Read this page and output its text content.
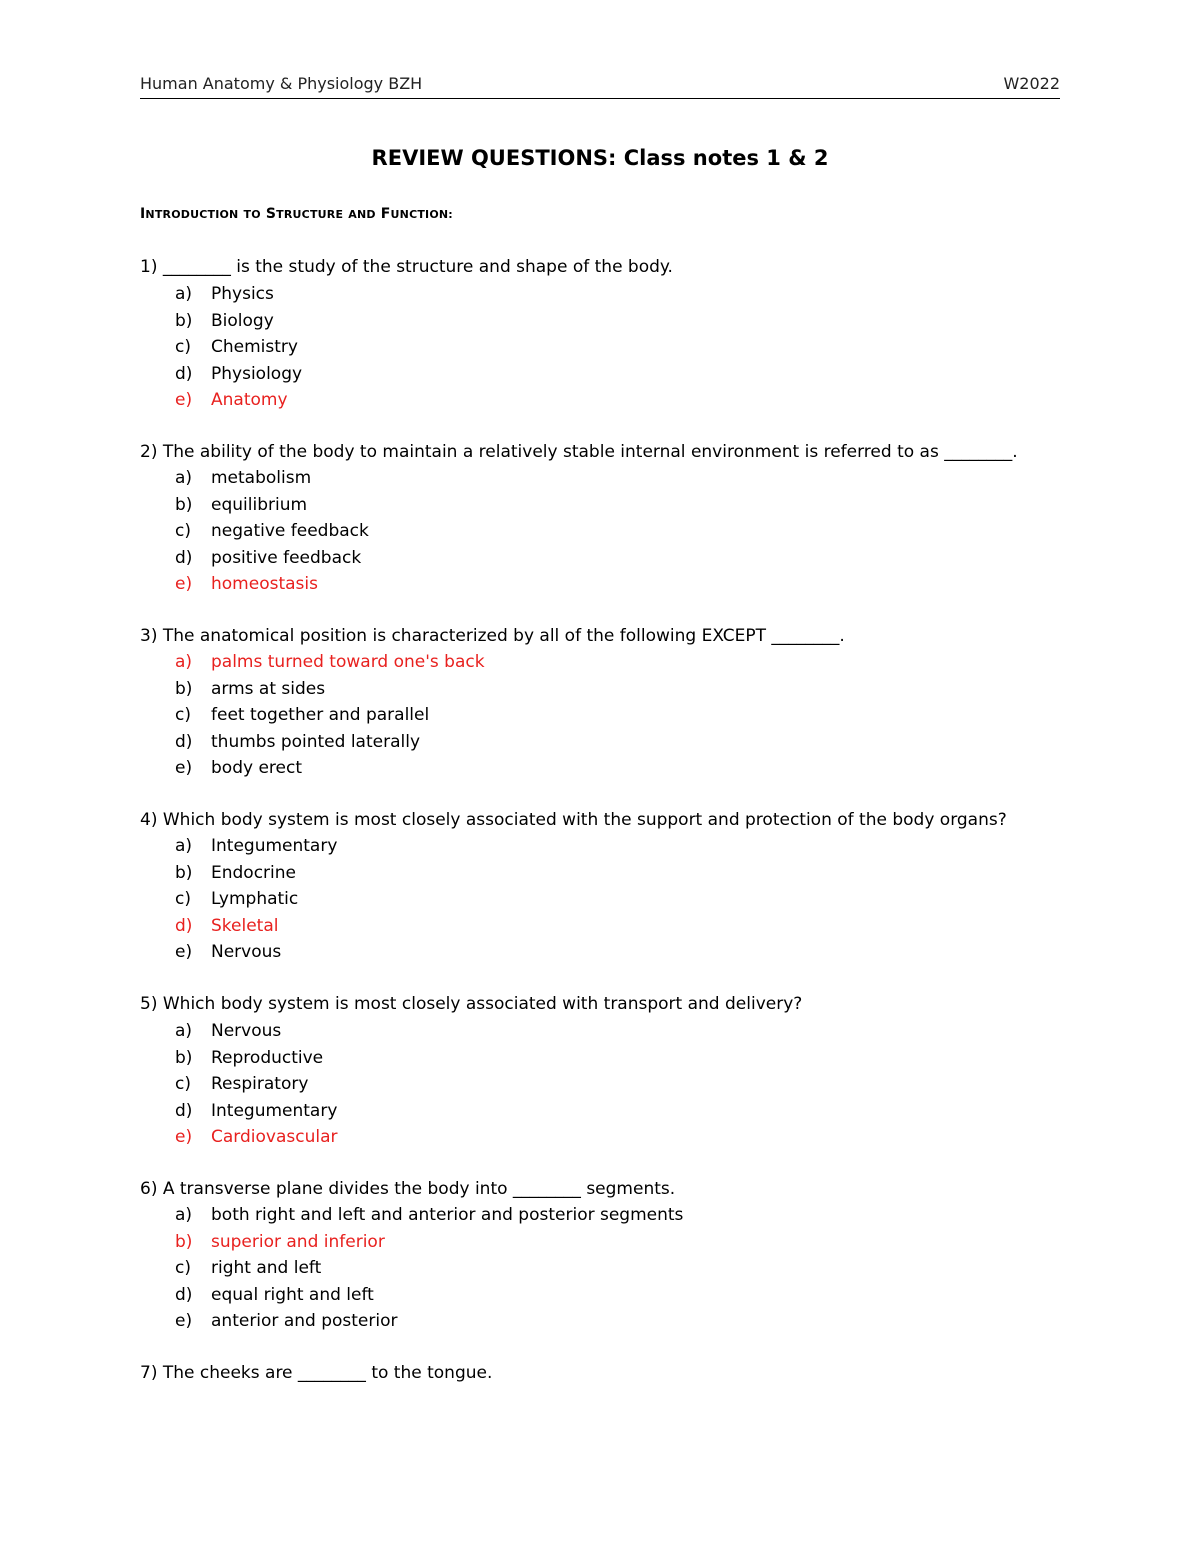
Human Anatomy & Physiology BZH	W2022
REVIEW QUESTIONS: Class notes 1 & 2
INTRODUCTION TO STRUCTURE AND FUNCTION:
1) ________ is the study of the structure and shape of the body.
a) Physics
b) Biology
c) Chemistry
d) Physiology
e) Anatomy
2) The ability of the body to maintain a relatively stable internal environment is referred to as ________.
a) metabolism
b) equilibrium
c) negative feedback
d) positive feedback
e) homeostasis
3) The anatomical position is characterized by all of the following EXCEPT ________.
a) palms turned toward one's back
b) arms at sides
c) feet together and parallel
d) thumbs pointed laterally
e) body erect
4) Which body system is most closely associated with the support and protection of the body organs?
a) Integumentary
b) Endocrine
c) Lymphatic
d) Skeletal
e) Nervous
5) Which body system is most closely associated with transport and delivery?
a) Nervous
b) Reproductive
c) Respiratory
d) Integumentary
e) Cardiovascular
6) A transverse plane divides the body into ________ segments.
a) both right and left and anterior and posterior segments
b) superior and inferior
c) right and left
d) equal right and left
e) anterior and posterior
7) The cheeks are ________ to the tongue.
